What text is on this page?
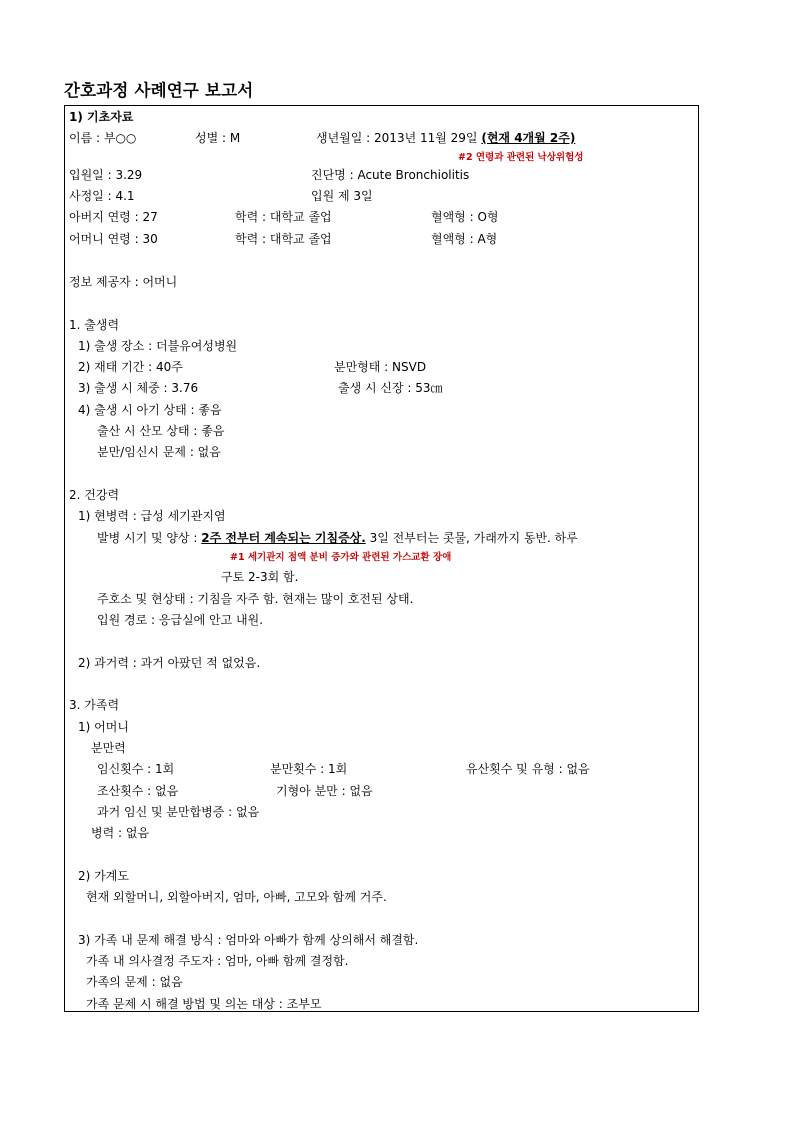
간호과정 사례연구 보고서
1) 기초자료
이름 : 부○○	성별 : M	생년월일 : 2013년 11월 29일 (현재 4개월 2주)
#2 연령과 관련된 낙상위험성
입원일 : 3.29	진단명 : Acute Bronchiolitis
사정일 : 4.1	입원 제 3일
아버지 연령 : 27	학력 : 대학교 졸업	혈액형 : O형
어머니 연령 : 30	학력 : 대학교 졸업	혈액형 : A형
정보 제공자 : 어머니
1. 출생력
1) 출생 장소 : 더블유여성병원
2) 재태 기간 : 40주	분만형태 : NSVD
3) 출생 시 체중 : 3.76	출생 시 신장 : 53㎝
4) 출생 시 아기 상태 : 좋음
출산 시 산모 상태 : 좋음
분만/임신시 문제 : 없음
2. 건강력
1) 현병력 : 급성 세기관지염
발병 시기 및 양상 : 2주 전부터 계속되는 기침증상. 3일 전부터는 콧물, 가래까지 동반. 하루
#1 세기관지 점액 분비 증가와 관련된 가스교환 장애
구토 2-3회 함.
주호소 및 현상태 : 기침을 자주 함. 현재는 많이 호전된 상태.
입원 경로 : 응급실에 안고 내원.
2) 과거력 : 과거 아팠던 적 없었음.
3. 가족력
1) 어머니
분만력
임신횟수 : 1회	분만횟수 : 1회	유산횟수 및 유형 : 없음
조산횟수 : 없음	기형아 분만 : 없음
과거 임신 및 분만합병증 : 없음
병력 : 없음
2) 가계도
현재 외할머니, 외할아버지, 엄마, 아빠, 고모와 함께 거주.
3) 가족 내 문제 해결 방식 : 엄마와 아빠가 함께 상의해서 해결함.
가족 내 의사결정 주도자 : 엄마, 아빠 함께 결정함.
가족의 문제 : 없음
가족 문제 시 해결 방법 및 의논 대상 : 조부모
